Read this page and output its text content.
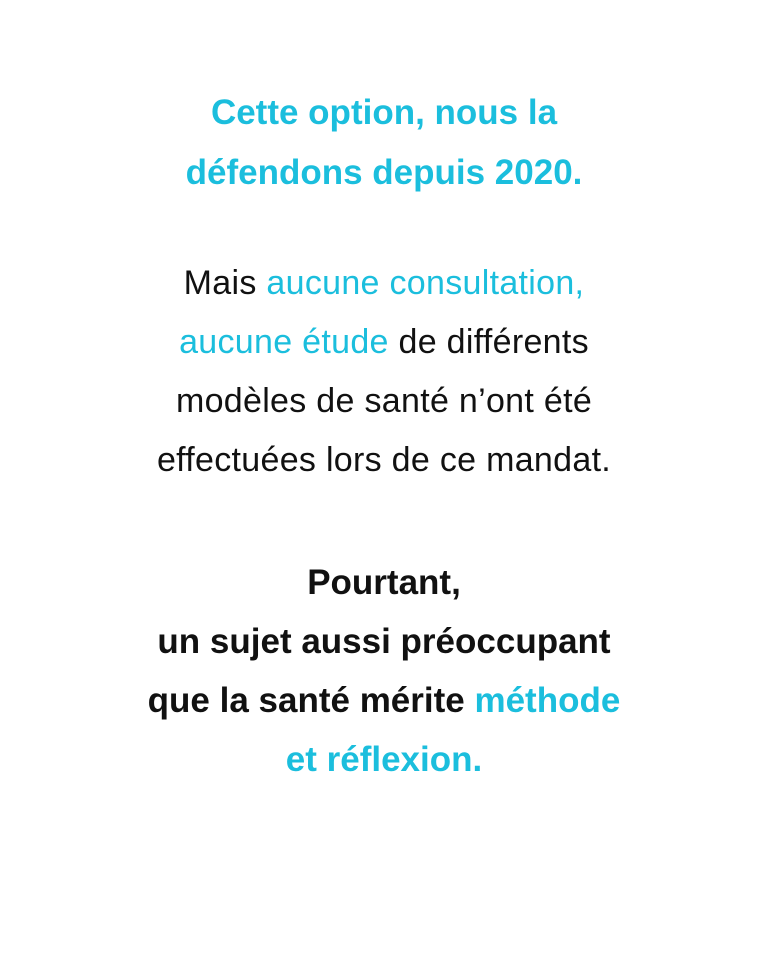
Cette option, nous la
défendons depuis 2020.
Mais aucune consultation,
aucune étude de différents
modèles de santé n’ont été
effectuées lors de ce mandat.
Pourtant,
un sujet aussi préoccupant
que la santé mérite méthode
et réflexion.
